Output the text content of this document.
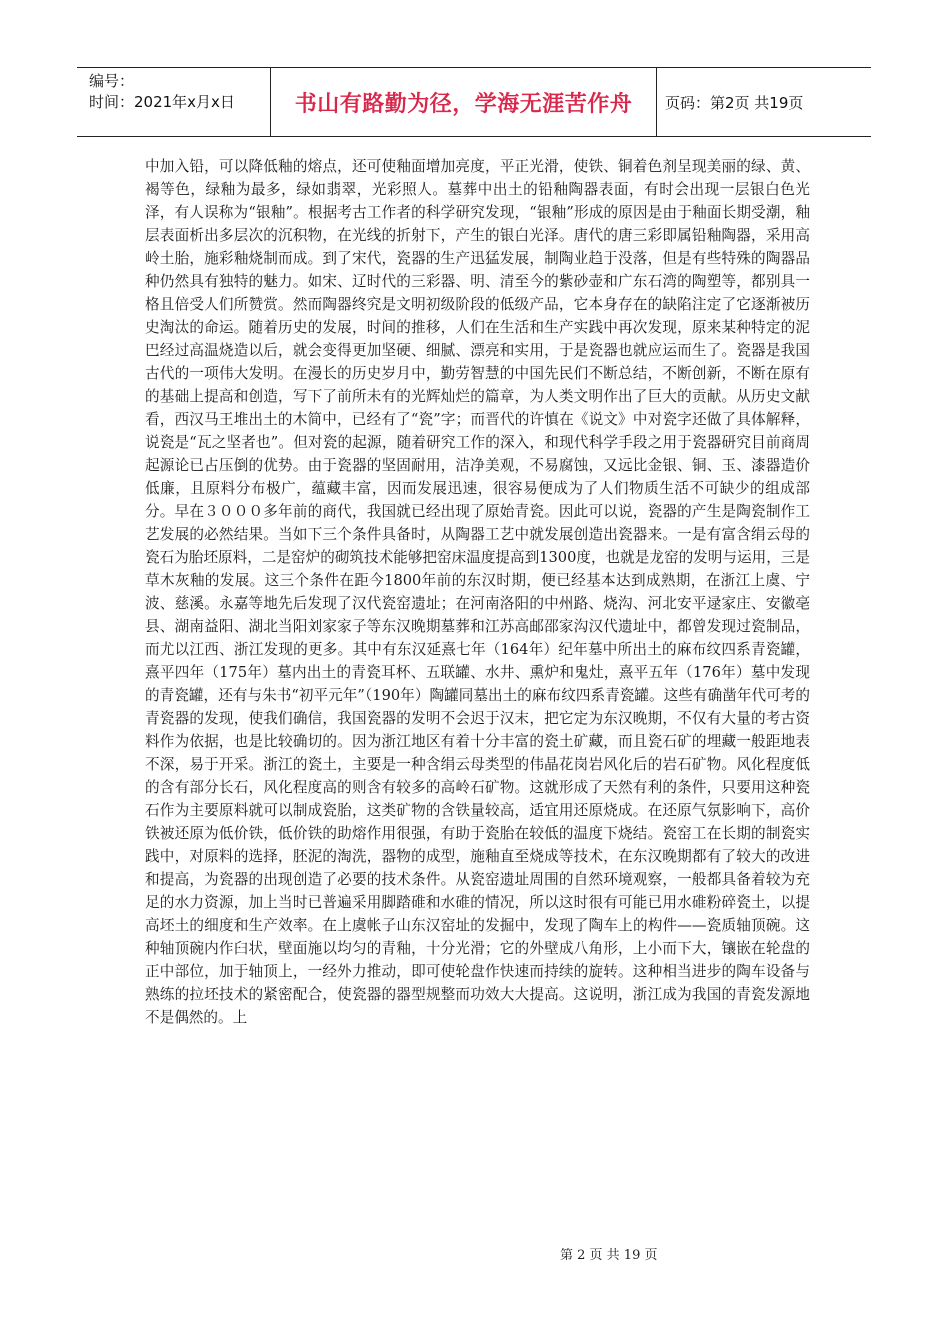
编号：
时间：2021年x月x日	书山有路勤为径，学海无涯苦作舟 页码：第2页 共19页

中加入铅，可以降低釉的熔点，还可使釉面增加亮度，平正光滑，使铁、铜着色剂呈现美丽的绿、黄、褐等色，绿釉为最多，绿如翡翠，光彩照人。墓葬中出土的铅釉陶器表面，有时会出现一层银白色光泽，有人误称为“银釉”。根据考古工作者的科学研究发现，“银釉”形成的原因是由于釉面长期受潮，釉层表面析出多层次的沉积物，在光线的折射下，产生的银白光泽。唐代的唐三彩即属铅釉陶器，采用高岭土胎，施彩釉烧制而成。到了宋代，瓷器的生产迅猛发展，制陶业趋于没落，但是有些特殊的陶器品种仍然具有独特的魅力。如宋、辽时代的三彩器、明、清至今的紫砂壶和广东石湾的陶塑等，都别具一格且倍受人们所赞赏。然而陶器终究是文明初级阶段的低级产品，它本身存在的缺陷注定了它逐渐被历史淘汰的命运。随着历史的发展，时间的推移，人们在生活和生产实践中再次发现，原来某种特定的泥巴经过高温烧造以后，就会变得更加坚硬、细腻、漂亮和实用，于是瓷器也就应运而生了。瓷器是我国古代的一项伟大发明。在漫长的历史岁月中，勤劳智慧的中国先民们不断总结，不断创新，不断在原有的基础上提高和创造，写下了前所未有的光辉灿烂的篇章，为人类文明作出了巨大的贡献。从历史文献看，西汉马王堆出土的木简中，已经有了“瓷”字；而晋代的许慎在《说文》中对瓷字还做了具体解释，说瓷是“瓦之坚者也”。但对瓷的起源，随着研究工作的深入，和现代科学手段之用于瓷器研究目前商周起源论已占压倒的优势。由于瓷器的坚固耐用，洁净美观，不易腐蚀，又远比金银、铜、玉、漆器造价低廉，且原料分布极广，蕴藏丰富，因而发展迅速，很容易便成为了人们物质生活不可缺少的组成部分。早在３０００多年前的商代，我国就已经出现了原始青瓷。因此可以说，瓷器的产生是陶瓷制作工艺发展的必然结果。当如下三个条件具备时，从陶器工艺中就发展创造出瓷器来。一是有富含绢云母的瓷石为胎坯原料，二是窑炉的砌筑技术能够把窑床温度提高到1300度，也就是龙窑的发明与运用，三是草木灰釉的发展。这三个条件在距今1800年前的东汉时期，便已经基本达到成熟期，在浙江上虞、宁波、慈溪。永嘉等地先后发现了汉代瓷窑遗址；在河南洛阳的中州路、烧沟、河北安平逯家庄、安徽亳县、湖南益阳、湖北当阳刘家家子等东汉晚期墓葬和江苏高邮邵家沟汉代遗址中，都曾发现过瓷制品，而尤以江西、浙江发现的更多。其中有东汉延熹七年（164年）纪年墓中所出土的麻布纹四系青瓷罐，熹平四年（175年）墓内出土的青瓷耳杯、五联罐、水井、熏炉和鬼灶，熹平五年（176年）墓中发现的青瓷罐，还有与朱书“初平元年”（190年）陶罐同墓出土的麻布纹四系青瓷罐。这些有确凿年代可考的青瓷器的发现，使我们确信，我国瓷器的发明不会迟于汉末，把它定为东汉晚期，不仅有大量的考古资料作为依据，也是比较确切的。因为浙江地区有着十分丰富的瓷土矿藏，而且瓷石矿的埋藏一般距地表不深，易于开采。浙江的瓷土，主要是一种含绢云母类型的伟晶花岗岩风化后的岩石矿物。风化程度低的含有部分长石，风化程度高的则含有较多的高岭石矿物。这就形成了天然有利的条件，只要用这种瓷石作为主要原料就可以制成瓷胎，这类矿物的含铁量较高，适宜用还原烧成。在还原气氛影响下，高价铁被还原为低价铁，低价铁的助熔作用很强，有助于瓷胎在较低的温度下烧结。瓷窑工在长期的制瓷实践中，对原料的选择，胚泥的淘洗，器物的成型，施釉直至烧成等技术，在东汉晚期都有了较大的改进和提高，为瓷器的出现创造了必要的技术条件。从瓷窑遗址周围的自然环境观察，一般都具备着较为充足的水力资源，加上当时已普遍采用脚踏碓和水碓的情况，所以这时很有可能已用水碓粉碎瓷土，以提高坯土的细度和生产效率。在上虞帐子山东汉窑址的发掘中，发现了陶车上的构件——瓷质轴顶碗。这种轴顶碗内作臼状，壁面施以均匀的青釉，十分光滑；它的外壁成八角形，上小而下大，镶嵌在轮盘的正中部位，加于轴顶上，一经外力推动，即可使轮盘作快速而持续的旋转。这种相当进步的陶车设备与熟练的拉坯技术的紧密配合，使瓷器的器型规整而功效大大提高。这说明，浙江成为我国的青瓷发源地不是偶然的。上

第 2 页 共 19 页
